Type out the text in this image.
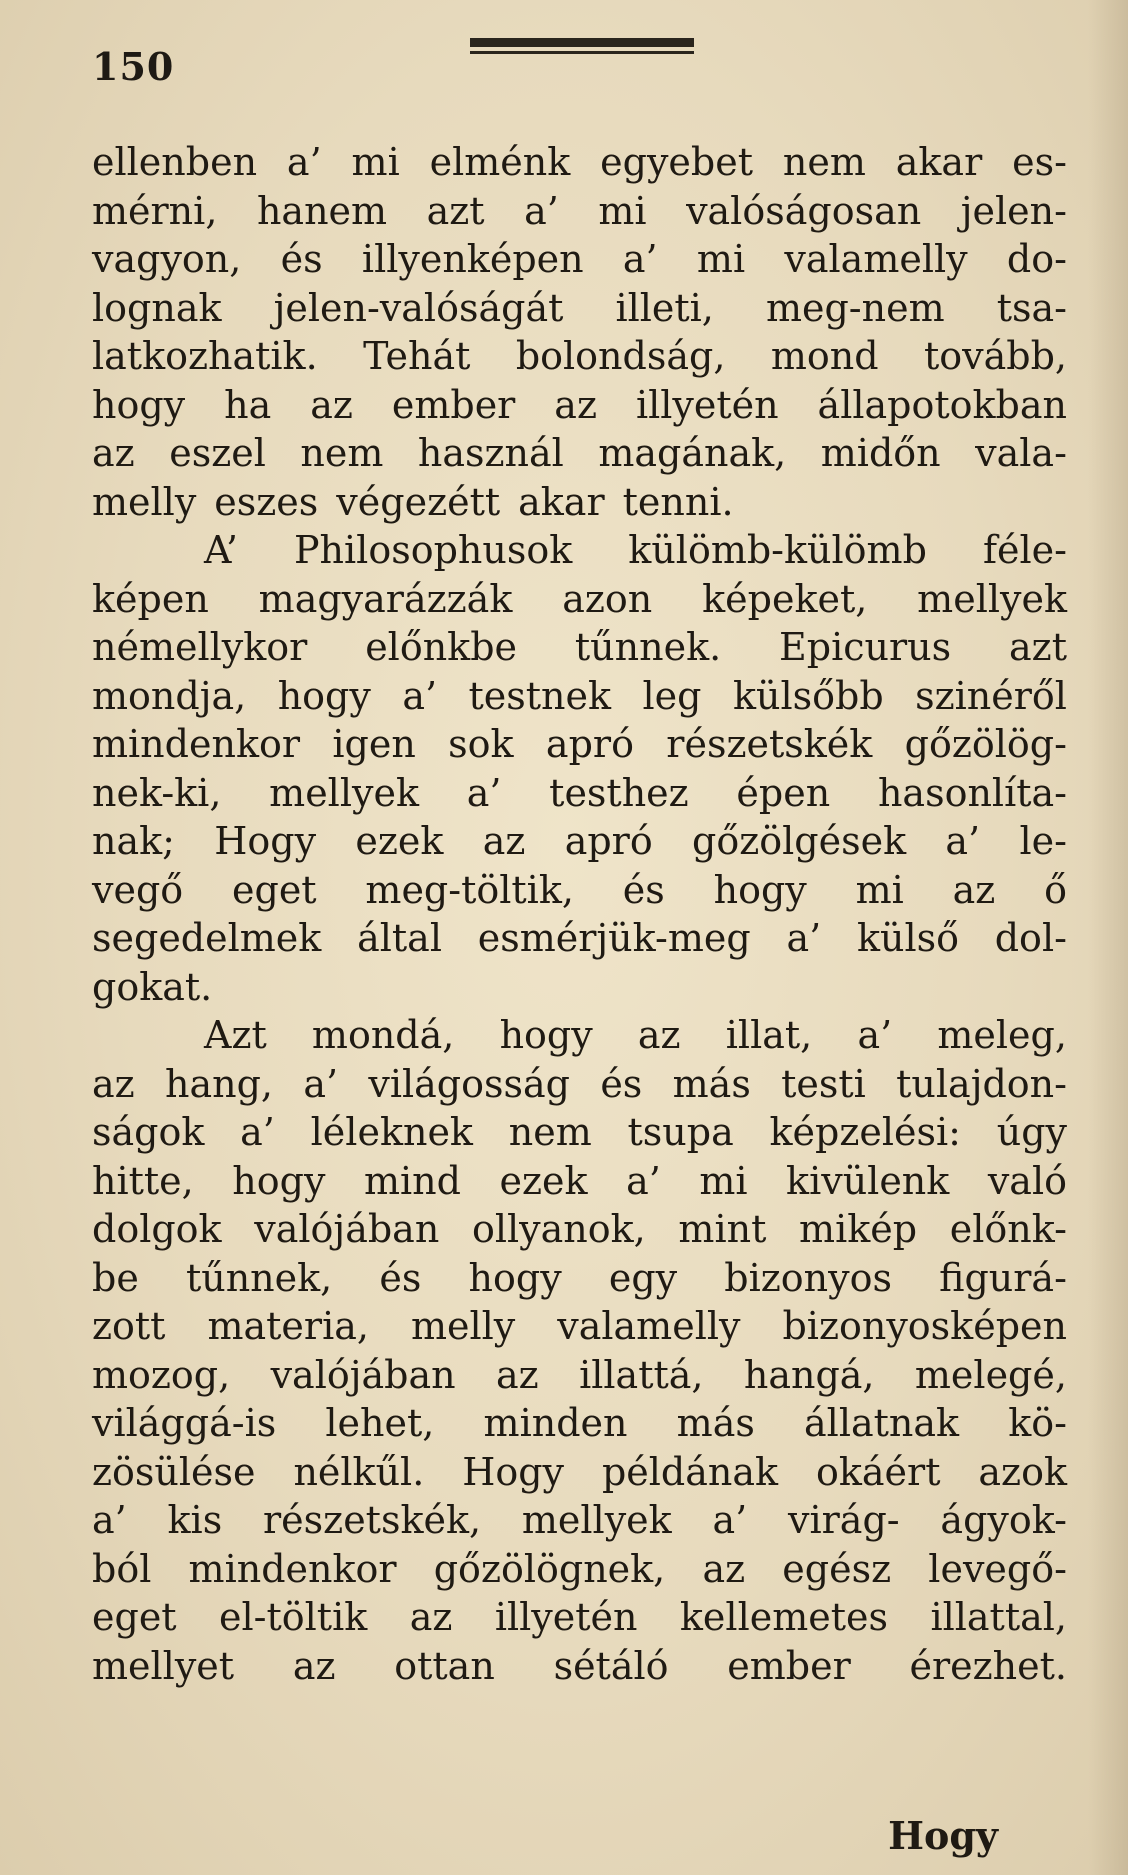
150
ellenben a’ mi elménk egyebet nem akar es-
mérni, hanem azt a’ mi valóságosan jelen-
vagyon, és illyenképen a’ mi valamelly do-
lognak jelen-valóságát illeti, meg-nem tsa-
latkozhatik. Tehát bolondság, mond tovább,
hogy ha az ember az illyetén állapotokban
az eszel nem használ magának, midőn vala-
melly eszes végezétt akar tenni.
A’ Philosophusok külömb-külömb féle-
képen magyarázzák azon képeket, mellyek
némellykor előnkbe tűnnek. Epicurus azt
mondja, hogy a’ testnek leg külsőbb szinéről
mindenkor igen sok apró részetskék gőzölög-
nek-ki, mellyek a’ testhez épen hasonlíta-
nak; Hogy ezek az apró gőzölgések a’ le-
vegő eget meg-töltik, és hogy mi az ő
segedelmek által esmérjük-meg a’ külső dol-
gokat.
Azt mondá, hogy az illat, a’ meleg,
az hang, a’ világosság és más testi tulajdon-
ságok a’ léleknek nem tsupa képzelési: úgy
hitte, hogy mind ezek a’ mi kivülenk való
dolgok valójában ollyanok, mint mikép előnk-
be tűnnek, és hogy egy bizonyos figurá-
zott materia, melly valamelly bizonyosképen
mozog, valójában az illattá, hangá, melegé,
világgá-is lehet, minden más állatnak kö-
zösülése nélkűl. Hogy példának okáért azok
a’ kis részetskék, mellyek a’ virág- ágyok-
ból mindenkor gőzölögnek, az egész levegő-
eget el-töltik az illyetén kellemetes illattal,
mellyet az ottan sétáló ember érezhet.
Hogy
